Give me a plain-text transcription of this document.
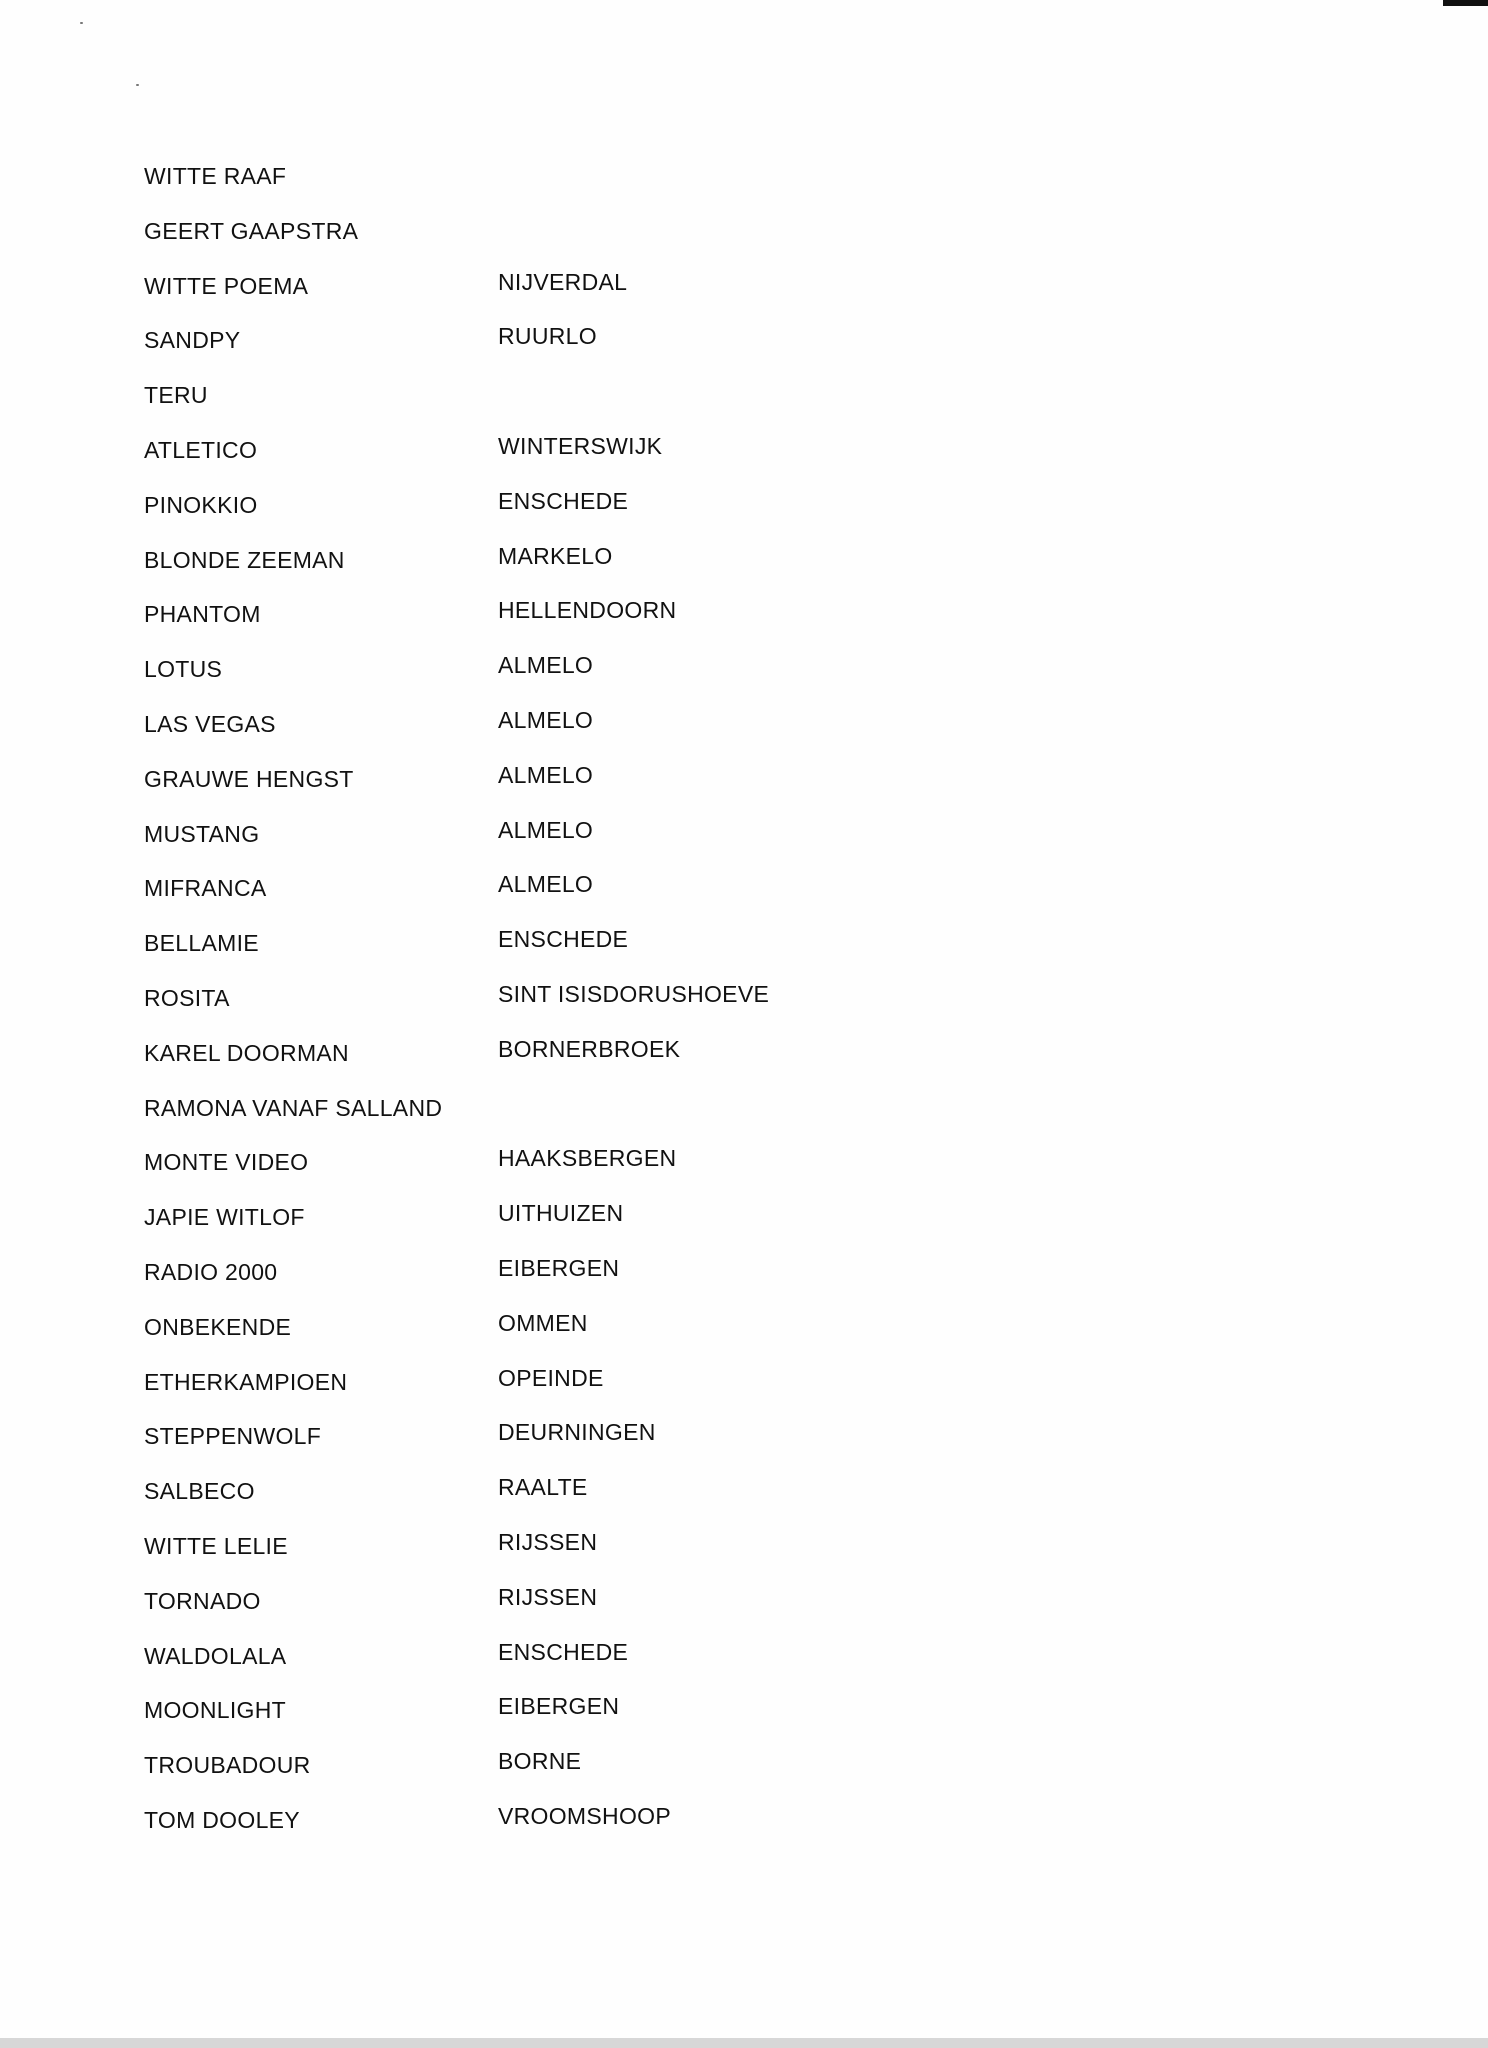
WITTE RAAF
GEERT GAAPSTRA
WITTE POEMA	NIJVERDAL
SANDPY	RUURLO
TERU
ATLETICO	WINTERSWIJK
PINOKKIO	ENSCHEDE
BLONDE ZEEMAN	MARKELO
PHANTOM	HELLENDOORN
LOTUS	ALMELO
LAS VEGAS	ALMELO
GRAUWE HENGST	ALMELO
MUSTANG	ALMELO
MIFRANCA	ALMELO
BELLAMIE	ENSCHEDE
ROSITA	SINT ISISDORUSHOEVE
KAREL DOORMAN	BORNERBROEK
RAMONA VANAF SALLAND
MONTE VIDEO	HAAKSBERGEN
JAPIE WITLOF	UITHUIZEN
RADIO 2000	EIBERGEN
ONBEKENDE	OMMEN
ETHERKAMPIOEN	OPEINDE
STEPPENWOLF	DEURNINGEN
SALBECO	RAALTE
WITTE LELIE	RIJSSEN
TORNADO	RIJSSEN
WALDOLALA	ENSCHEDE
MOONLIGHT	EIBERGEN
TROUBADOUR	BORNE
TOM DOOLEY	VROOMSHOOP
